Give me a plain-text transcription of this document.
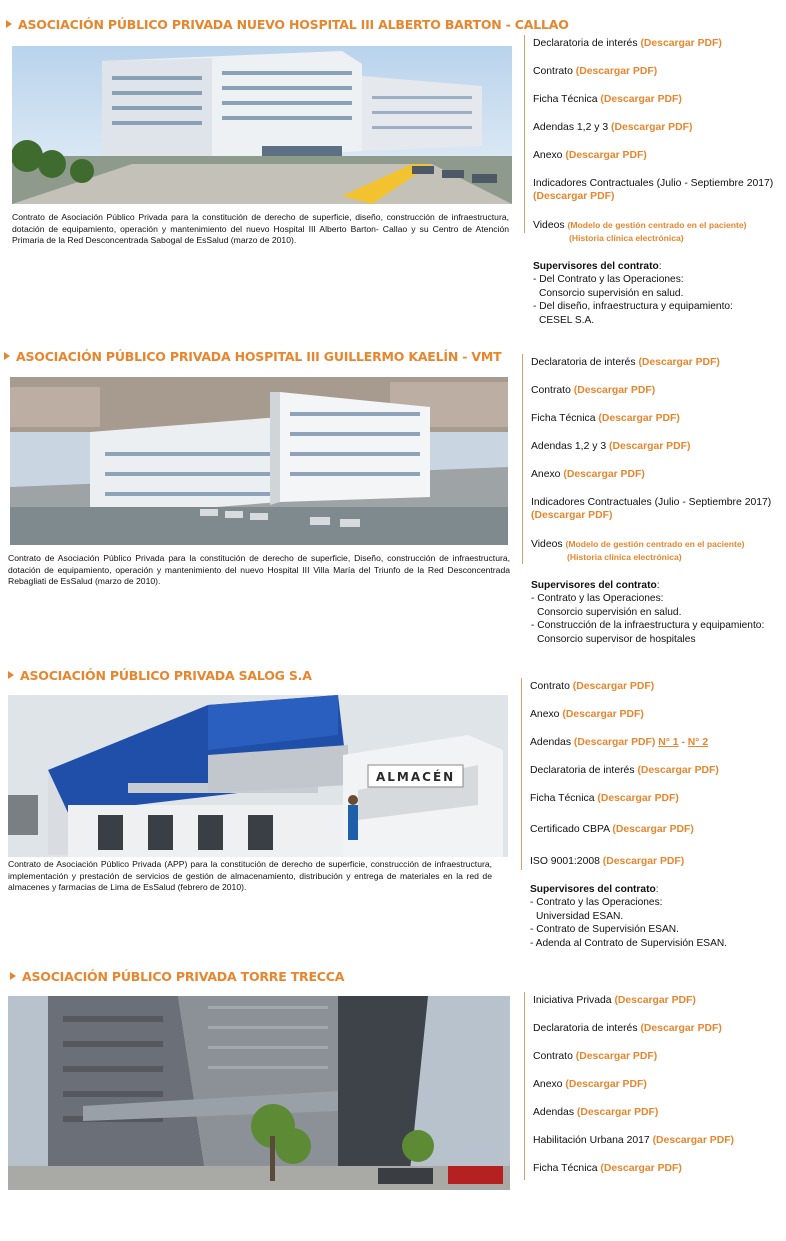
ASOCIACIÓN PÚBLICO PRIVADA NUEVO HOSPITAL III ALBERTO BARTON - CALLAO
Contrato de Asociación Público Privada para la constitución de derecho de superficie, diseño, construcción de infraestructura, dotación de equipamiento, operación y mantenimiento del nuevo Hospital III Alberto Barton- Callao y su Centro de Atención Primaria de la Red Desconcentrada Sabogal de EsSalud (marzo de 2010).
Declaratoria de interés (Descargar PDF)
Contrato (Descargar PDF)
Ficha Técnica (Descargar PDF)
Adendas 1,2 y 3 (Descargar PDF)
Anexo (Descargar PDF)
Indicadores Contractuales (Julio - Septiembre 2017)
(Descargar PDF)
Videos (Modelo de gestión centrado en el paciente)
(Historia clínica electrónica)
Supervisores del contrato:
- Del Contrato y las Operaciones:
Consorcio supervisión en salud.
- Del diseño, infraestructura y equipamiento:
CESEL S.A.
ASOCIACIÓN PÚBLICO PRIVADA HOSPITAL III GUILLERMO KAELÍN - VMT
Contrato de Asociación Público Privada para la constitución de derecho de superficie, Diseño, construcción de infraestructura, dotación de equipamiento, operación y mantenimiento del nuevo Hospital III Villa María del Triunfo de la Red Desconcentrada Rebagliati de EsSalud (marzo de 2010).
Declaratoria de interés (Descargar PDF)
Contrato (Descargar PDF)
Ficha Técnica (Descargar PDF)
Adendas 1,2 y 3 (Descargar PDF)
Anexo (Descargar PDF)
Indicadores Contractuales (Julio - Septiembre 2017)
(Descargar PDF)
Videos (Modelo de gestión centrado en el paciente)
(Historia clínica electrónica)
Supervisores del contrato:
- Contrato y las Operaciones:
Consorcio supervisión en salud.
- Construcción de la infraestructura y equipamiento:
Consorcio supervisor de hospitales
ASOCIACIÓN PÚBLICO PRIVADA SALOG S.A
ALMACÉN
Contrato de Asociación Público Privada (APP) para la constitución de derecho de superficie, construcción de infraestructura, implementación y prestación de servicios de gestión de almacenamiento, distribución y entrega de materiales en la red de almacenes y farmacias de Lima de EsSalud (febrero de 2010).
Contrato (Descargar PDF)
Anexo (Descargar PDF)
Adendas (Descargar PDF) N° 1 - N° 2
Declaratoria de interés (Descargar PDF)
Ficha Técnica (Descargar PDF)
Certificado CBPA (Descargar PDF)
ISO 9001:2008 (Descargar PDF)
Supervisores del contrato:
- Contrato y las Operaciones:
Universidad ESAN.
- Contrato de Supervisión ESAN.
- Adenda al Contrato de Supervisión ESAN.
ASOCIACIÓN PÚBLICO PRIVADA TORRE TRECCA
Iniciativa Privada (Descargar PDF)
Declaratoria de interés (Descargar PDF)
Contrato (Descargar PDF)
Anexo (Descargar PDF)
Adendas (Descargar PDF)
Habilitación Urbana 2017 (Descargar PDF)
Ficha Técnica (Descargar PDF)
